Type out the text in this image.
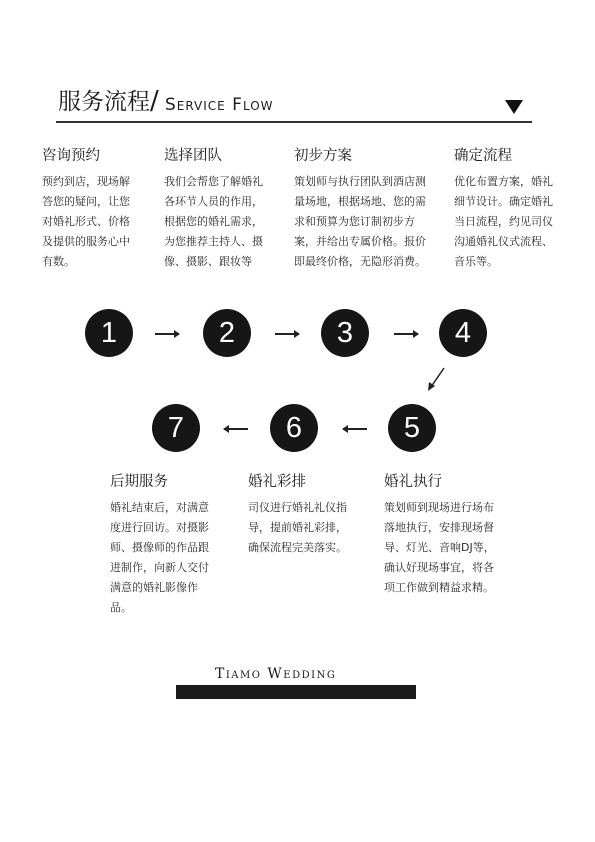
服务流程 / Service Flow
咨询预约
预约到店，现场解答您的疑问，让您对婚礼形式、价格及提供的服务心中有数。
选择团队
我们会帮您了解婚礼各环节人员的作用，根据您的婚礼需求，为您推荐主持人、摄像、摄影、跟妆等
初步方案
策划师与执行团队到酒店测量场地，根据场地、您的需求和预算为您订制初步方案，并给出专属价格。报价即最终价格，无隐形消费。
确定流程
优化布置方案，婚礼细节设计。确定婚礼当日流程，约见司仪沟通婚礼仪式流程、音乐等。
1	2	3	4
7	6	5
后期服务
婚礼结束后，对满意度进行回访。对摄影师、摄像师的作品跟进制作，向新人交付满意的婚礼影像作品。
婚礼彩排
司仪进行婚礼礼仪指导，提前婚礼彩排，确保流程完美落实。
婚礼执行
策划师到现场进行场布落地执行，安排现场督导、灯光、音响DJ等，确认好现场事宜，将各项工作做到精益求精。
Tiamo Wedding
